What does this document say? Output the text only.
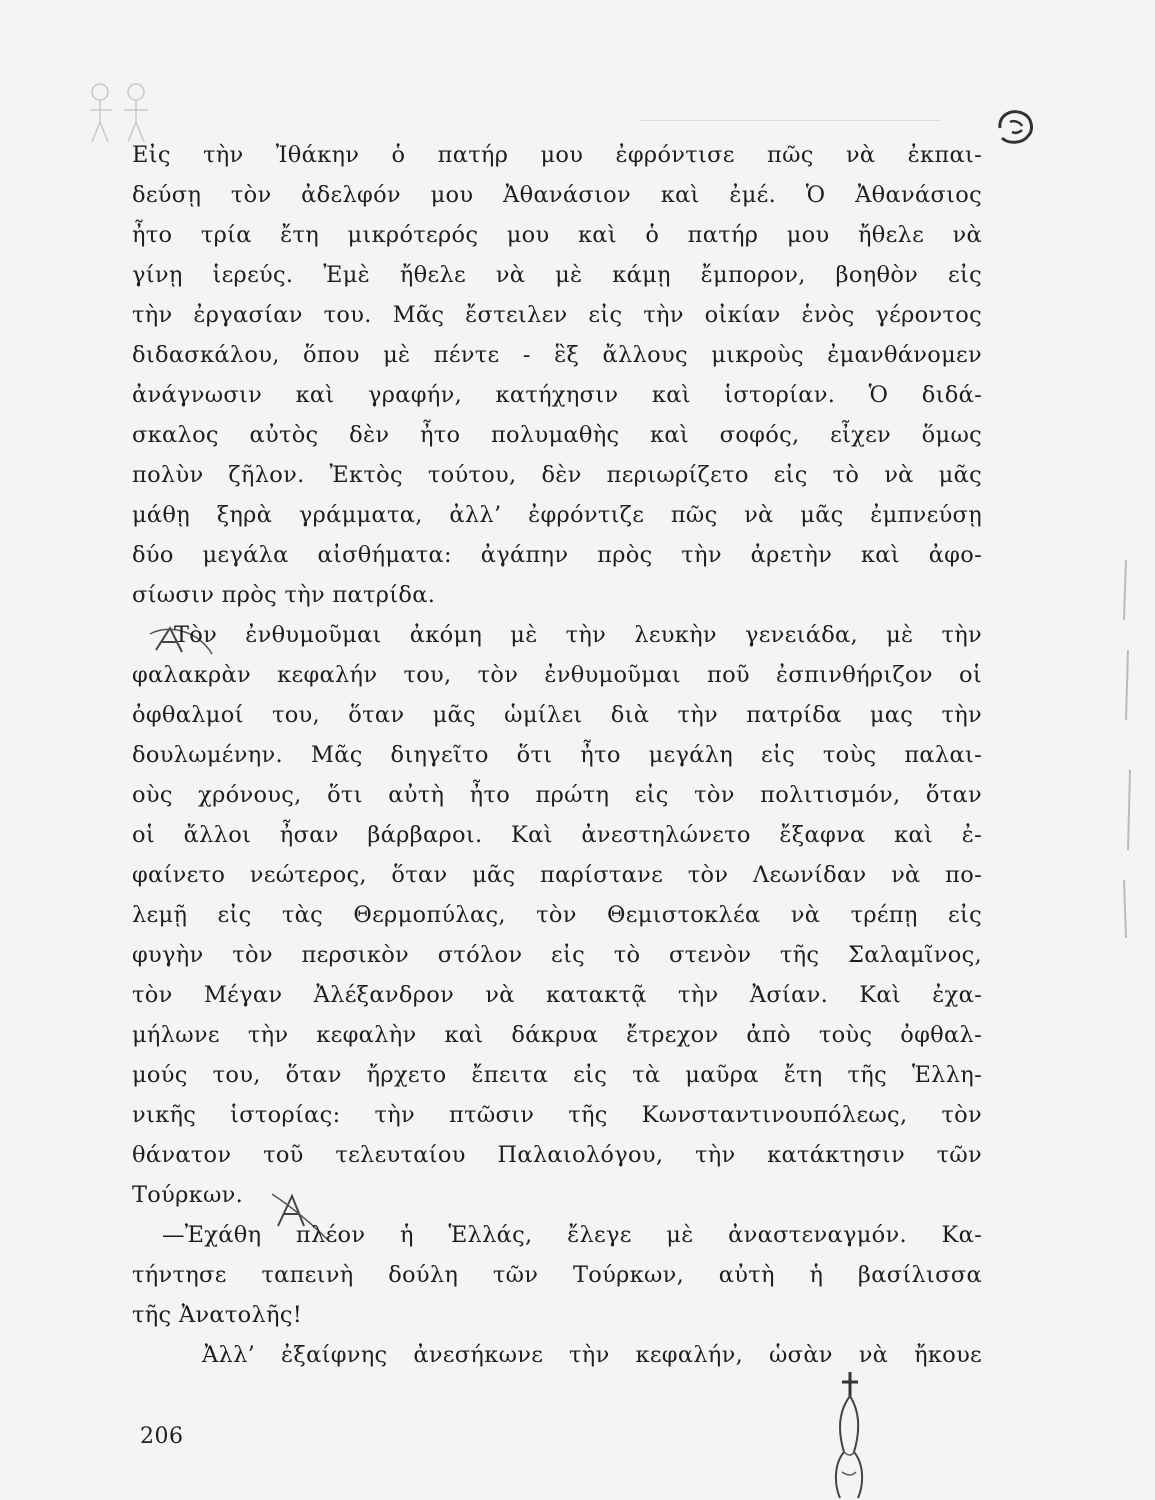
Εἰς τὴν Ἰθάκην ὁ πατήρ μου ἐφρόντισε πῶς νὰ ἐκπαι-
δεύσῃ τὸν ἀδελφόν μου Ἀθανάσιον καὶ ἐμέ. Ὁ Ἀθανάσιος
ἦτο τρία ἔτη μικρότερός μου καὶ ὁ πατήρ μου ἤθελε νὰ
γίνῃ ἱερεύς. Ἐμὲ ἤθελε νὰ μὲ κάμῃ ἔμπορον, βοηθὸν εἰς
τὴν ἐργασίαν του. Μᾶς ἔστειλεν εἰς τὴν οἰκίαν ἑνὸς γέροντος
διδασκάλου, ὅπου μὲ πέντε - ἓξ ἄλλους μικροὺς ἐμανθάνομεν
ἀνάγνωσιν καὶ γραφήν, κατήχησιν καὶ ἱστορίαν. Ὁ διδά-
σκαλος αὐτὸς δὲν ἦτο πολυμαθὴς καὶ σοφός, εἶχεν ὅμως
πολὺν ζῆλον. Ἐκτὸς τούτου, δὲν περιωρίζετο εἰς τὸ νὰ μᾶς
μάθῃ ξηρὰ γράμματα, ἀλλ’ ἐφρόντιζε πῶς νὰ μᾶς ἐμπνεύσῃ
δύο μεγάλα αἰσθήματα: ἀγάπην πρὸς τὴν ἀρετὴν καὶ ἀφο-
σίωσιν πρὸς τὴν πατρίδα.
Τὸν ἐνθυμοῦμαι ἀκόμη μὲ τὴν λευκὴν γενειάδα, μὲ τὴν
φαλακρὰν κεφαλήν του, τὸν ἐνθυμοῦμαι ποῦ ἐσπινθήριζον οἱ
ὀφθαλμοί του, ὅταν μᾶς ὡμίλει διὰ τὴν πατρίδα μας τὴν
δουλωμένην. Μᾶς διηγεῖτο ὅτι ἦτο μεγάλη εἰς τοὺς παλαι-
οὺς χρόνους, ὅτι αὐτὴ ἦτο πρώτη εἰς τὸν πολιτισμόν, ὅταν
οἱ ἄλλοι ἦσαν βάρβαροι. Καὶ ἀνεστηλώνετο ἔξαφνα καὶ ἐ-
φαίνετο νεώτερος, ὅταν μᾶς παρίστανε τὸν Λεωνίδαν νὰ πο-
λεμῇ εἰς τὰς Θερμοπύλας, τὸν Θεμιστοκλέα νὰ τρέπῃ εἰς
φυγὴν τὸν περσικὸν στόλον εἰς τὸ στενὸν τῆς Σαλαμῖνος,
τὸν Μέγαν Ἀλέξανδρον νὰ κατακτᾷ τὴν Ἀσίαν. Καὶ ἐχα-
μήλωνε τὴν κεφαλὴν καὶ δάκρυα ἔτρεχον ἀπὸ τοὺς ὀφθαλ-
μούς του, ὅταν ἤρχετο ἔπειτα εἰς τὰ μαῦρα ἔτη τῆς Ἑλλη-
νικῆς ἱστορίας: τὴν πτῶσιν τῆς Κωνσταντινουπόλεως, τὸν
θάνατον τοῦ τελευταίου Παλαιολόγου, τὴν κατάκτησιν τῶν
Τούρκων.
—Ἐχάθη πλέον ἡ Ἑλλάς, ἔλεγε μὲ ἀναστεναγμόν. Κα-
τήντησε ταπεινὴ δούλη τῶν Τούρκων, αὐτὴ ἡ βασίλισσα
τῆς Ἀνατολῆς!
Ἀλλ’ ἐξαίφνης ἀνεσήκωνε τὴν κεφαλήν, ὡσὰν νὰ ἤκουε
206
